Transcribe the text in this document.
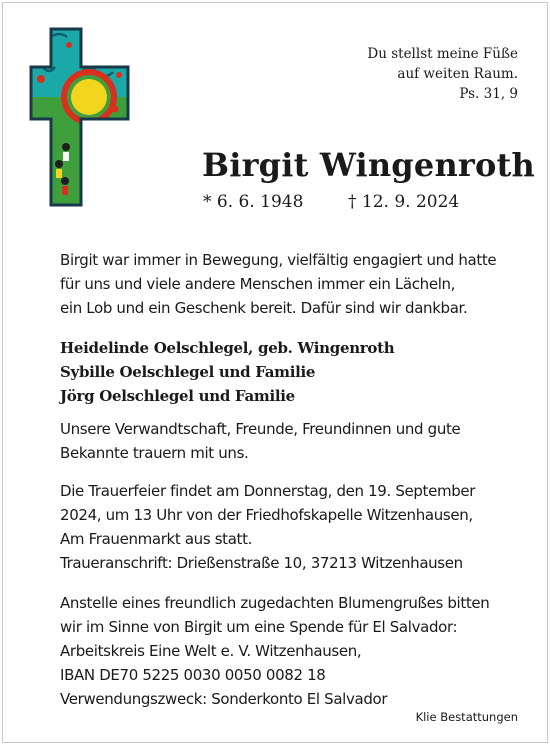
Du stellst meine Füße
auf weiten Raum.
Ps. 31, 9
Birgit Wingenroth
* 6. 6. 1948	† 12. 9. 2024
Birgit war immer in Bewegung, vielfältig engagiert und hatte
für uns und viele andere Menschen immer ein Lächeln,
ein Lob und ein Geschenk bereit. Dafür sind wir dankbar.
Heidelinde Oelschlegel, geb. Wingenroth
Sybille Oelschlegel und Familie
Jörg Oelschlegel und Familie
Unsere Verwandtschaft, Freunde, Freundinnen und gute
Bekannte trauern mit uns.
Die Trauerfeier findet am Donnerstag, den 19. September
2024, um 13 Uhr von der Friedhofskapelle Witzenhausen,
Am Frauenmarkt aus statt.
Traueranschrift: Drießenstraße 10, 37213 Witzenhausen
Anstelle eines freundlich zugedachten Blumengrußes bitten
wir im Sinne von Birgit um eine Spende für El Salvador:
Arbeitskreis Eine Welt e. V. Witzenhausen,
IBAN DE70 5225 0030 0050 0082 18
Verwendungszweck: Sonderkonto El Salvador
Klie Bestattungen
